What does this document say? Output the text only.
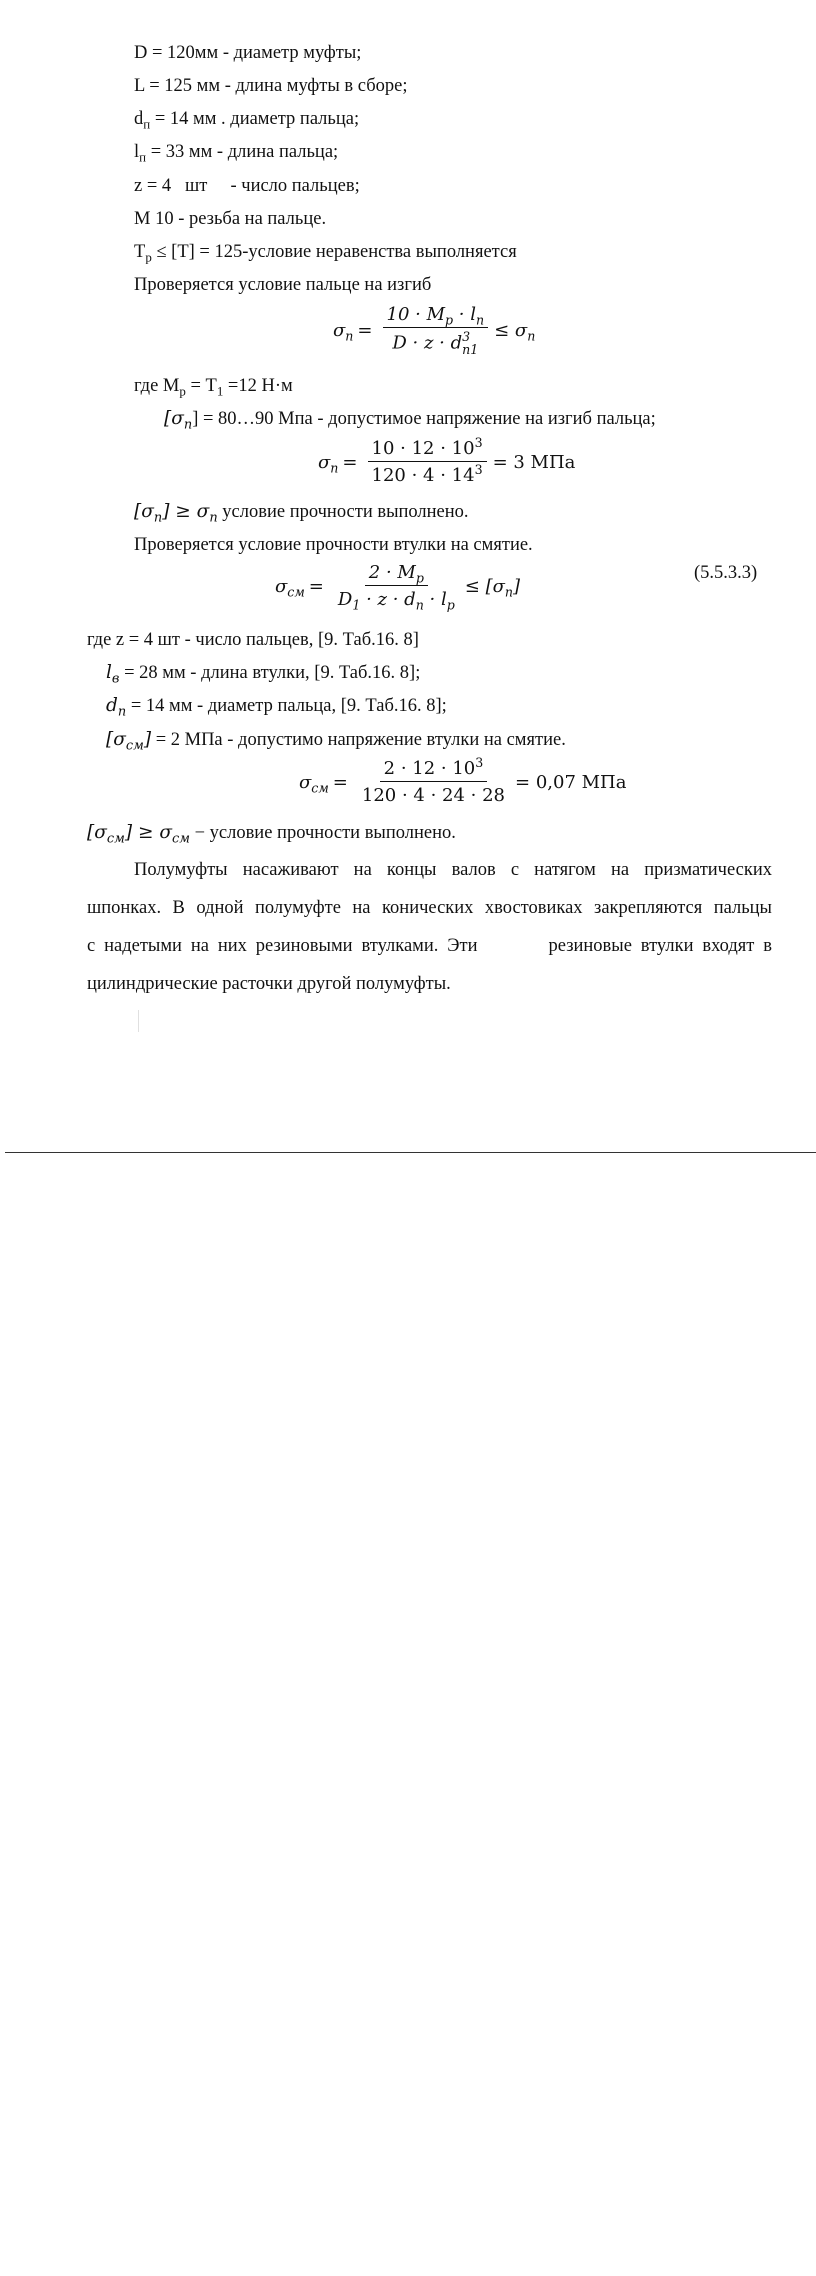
D = 120мм - диаметр муфты;
L = 125 мм - длина муфты в сборе;
$d_п = 14$ мм . диаметр пальца;
$l_п = 33$ мм - длина пальца;
z = 4   шт     - число пальцев;
М 10 - резьба на пальце.
$Т_р \le [T]$ = 125-условие неравенства выполняется
Проверяется условие пальце на изгиб
$\sigma_п = 10 \cdot M_p \cdot l_n$
D · z · d 3
$n1 \le \sigma_n$
где $М_р = Т_1 =12$ Н·м
$[\sigma_п]$ = 80…90 Мпа - допустимое напряжение на изгиб пальца;
$\sigma_п = \frac{10 \cdot 12 \cdot 10^3}{120 \cdot 4 \cdot 14^3} = 3$ МПа
$[\sigma_п] \ge \sigma_п$ условие прочности выполнено.
Проверяется условие прочности втулки на смятие.
$\sigma_{см} = \frac{2 \cdot M_p}{D_1 \cdot z \cdot d_n \cdot l_p} \le [\sigma_n]$
(5.5.3.3)
где z = 4 шт - число пальцев, [9. Таб.16. 8]
$l_в = 28$ мм - длина втулки, [9. Таб.16. 8];
$d_п = 14$ мм - диаметр пальца, [9. Таб.16. 8];
$[\sigma_{см}] = 2$ МПа - допустимо напряжение втулки на смятие.
$\sigma_{см} = \frac{2 \cdot 12 \cdot 10^3}{120 \cdot 4 \cdot 24 \cdot 28} = 0,07$ МПа
$[\sigma_{см}] \ge \sigma_{см}$ − условие прочности выполнено.
Полумуфты насаживают на концы валов с натягом на призматических
шпонках. В одной полумуфте на конических хвостовиках закрепляются пальцы
с надетыми на них резиновыми втулками. Эти        резиновые втулки входят в
цилиндрические расточки другой полумуфты.
